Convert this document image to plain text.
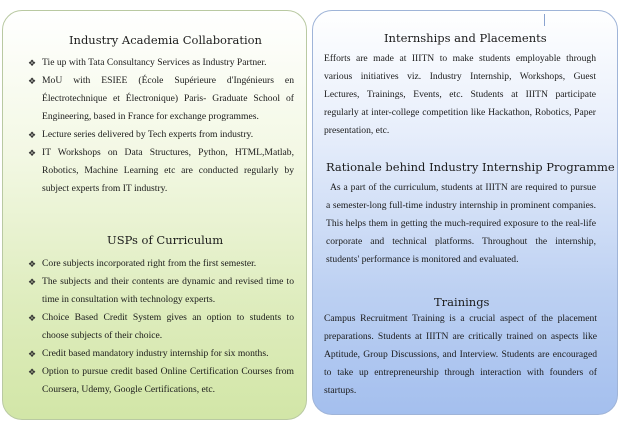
Industry Academia Collaboration
❖ Tie up with Tata Consultancy Services as Industry Partner.
❖ MoU with ESIEE (École Supérieure d'Ingénieurs en Électrotechnique et Électronique) Paris- Graduate School of Engineering, based in France for exchange programmes.
❖ Lecture series delivered by Tech experts from industry.
❖ IT Workshops on Data Structures, Python, HTML,Matlab, Robotics, Machine Learning etc are conducted regularly by subject experts from IT industry.
USPs of Curriculum
❖ Core subjects incorporated right from the first semester.
❖ The subjects and their contents are dynamic and revised time to time in consultation with technology experts.
❖ Choice Based Credit System gives an option to students to choose subjects of their choice.
❖ Credit based mandatory industry internship for six months.
❖ Option to pursue credit based Online Certification Courses from Coursera, Udemy, Google Certifications, etc.
Internships and Placements

Efforts are made at IIITN to make students employable through various initiatives viz. Industry Internship, Workshops, Guest Lectures, Trainings, Events, etc. Students at IIITN participate regularly at inter-college competition like Hackathon, Robotics, Paper presentation, etc.

Rationale behind Industry Internship Programme

As a part of the curriculum, students at IIITN are required to pursue a semester-long full-time industry internship in prominent companies. This helps them in getting the much-required exposure to the real-life corporate and technical platforms. Throughout the internship, students' performance is monitored and evaluated.

Trainings

Campus Recruitment Training is a crucial aspect of the placement preparations. Students at IIITN are critically trained on aspects like Aptitude, Group Discussions, and Interview. Students are encouraged to take up entrepreneurship through interaction with founders of startups.
